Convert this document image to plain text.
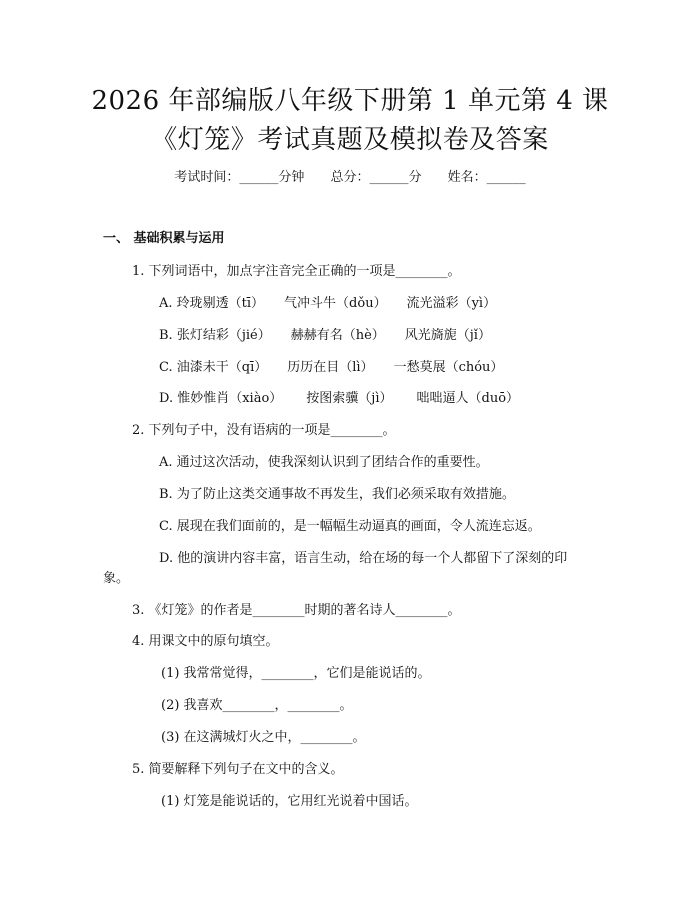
2026 年部编版八年级下册第 1 单元第 4 课
《灯笼》考试真题及模拟卷及答案
考试时间：______分钟 总分：______分 姓名：______
一、 基础积累与运用
1. 下列词语中，加点字注音完全正确的一项是________。
A. 玲珑剔透（tī） 气冲斗牛（dǒu） 流光溢彩（yì）
B. 张灯结彩（jié） 赫赫有名（hè） 风光旖旎（jǐ）
C. 油漆未干（qī） 历历在目（lì） 一愁莫展（chóu）
D. 惟妙惟肖（xiào） 按图索骥（jì） 咄咄逼人（duō）
2. 下列句子中，没有语病的一项是________。
A. 通过这次活动，使我深刻认识到了团结合作的重要性。
B. 为了防止这类交通事故不再发生，我们必须采取有效措施。
C. 展现在我们面前的，是一幅幅生动逼真的画面，令人流连忘返。
D. 他的演讲内容丰富，语言生动，给在场的每一个人都留下了深刻的印
象。
3. 《灯笼》的作者是________时期的著名诗人________。
4. 用课文中的原句填空。
(1) 我常常觉得，________，它们是能说话的。
(2) 我喜欢________，________。
(3) 在这满城灯火之中，________。
5. 简要解释下列句子在文中的含义。
(1) 灯笼是能说话的，它用红光说着中国话。
